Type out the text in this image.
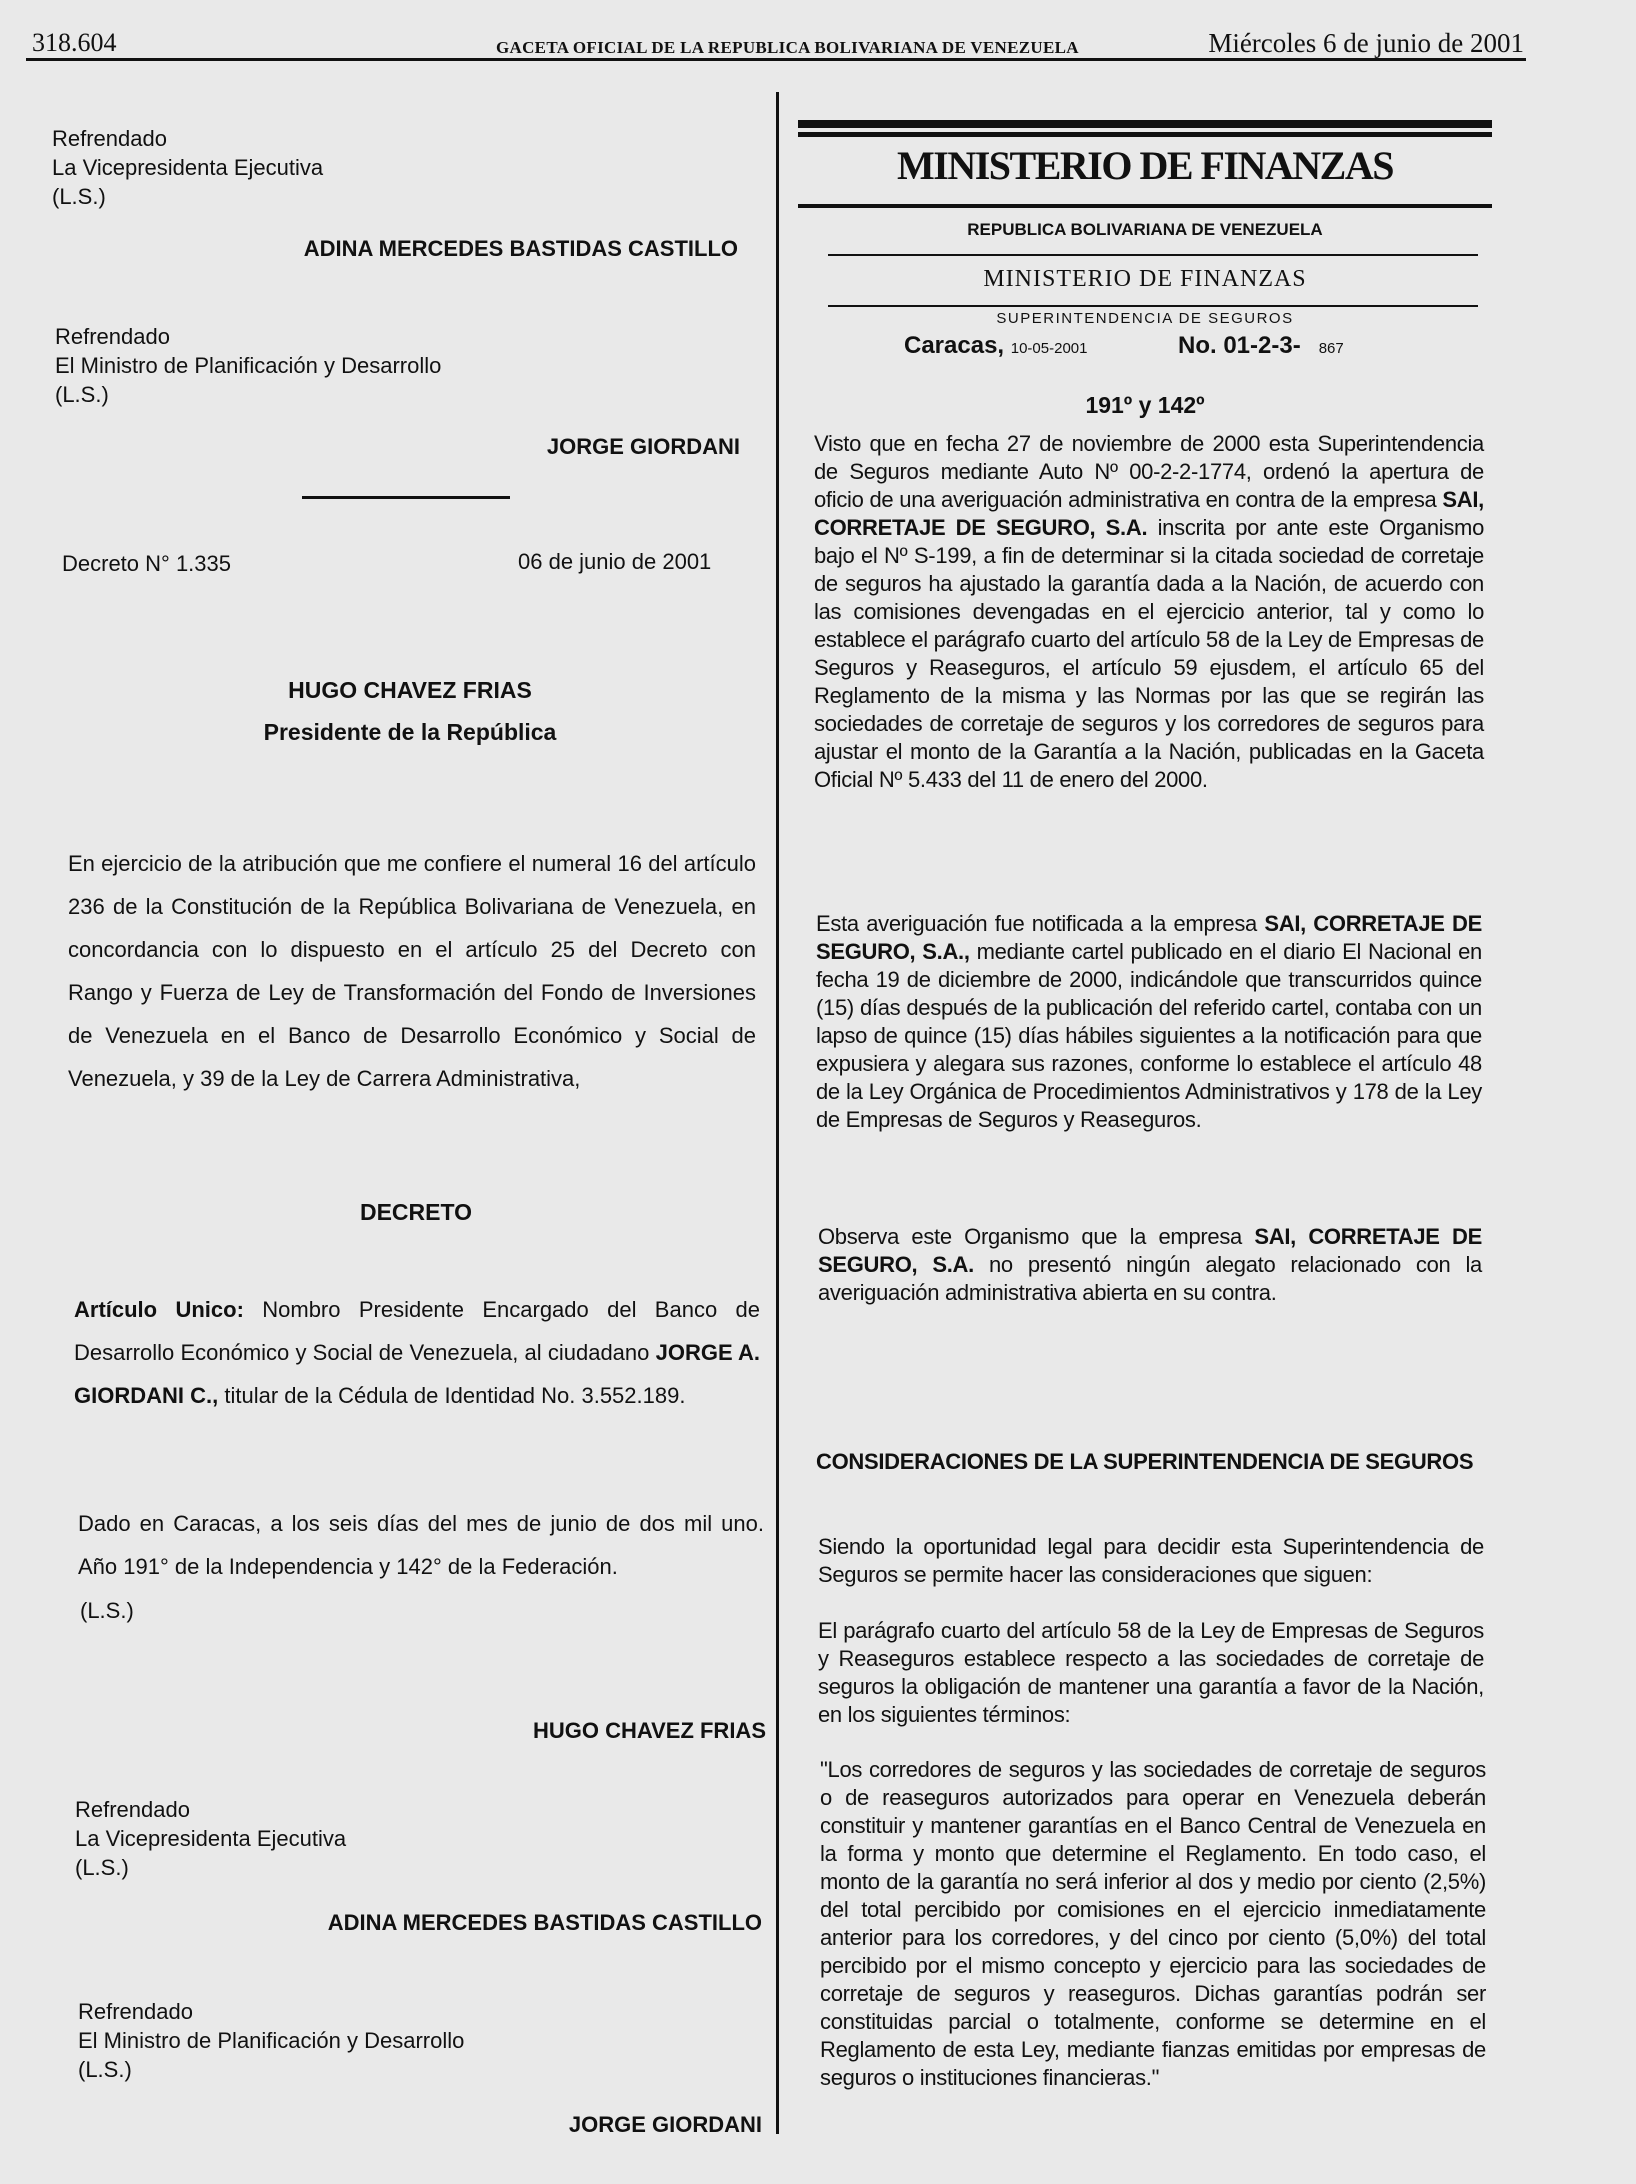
318.604	GACETA OFICIAL DE LA REPUBLICA BOLIVARIANA DE VENEZUELA	Miércoles 6 de junio de 2001

Refrendado

La Vicepresidenta Ejecutiva

(L.S.)

ADINA MERCEDES BASTIDAS CASTILLO

Refrendado

El Ministro de Planificación y Desarrollo

(L.S.)

JORGE GIORDANI
Decreto N° 1.335	06 de junio de 2001
HUGO CHAVEZ FRIAS
Presidente de la República
En ejercicio de la atribución que me confiere el numeral 16 del artículo 236 de la Constitución de la República Bolivariana de Venezuela, en concordancia con lo dispuesto en el artículo 25 del Decreto con Rango y Fuerza de Ley de Transformación del Fondo de Inversiones de Venezuela en el Banco de Desarrollo Económico y Social de Venezuela, y 39 de la Ley de Carrera Administrativa,
DECRETO
Artículo Unico: Nombro Presidente Encargado del Banco de Desarrollo Económico y Social de Venezuela, al ciudadano JORGE A. GIORDANI C., titular de la Cédula de Identidad No. 3.552.189.
Dado en Caracas, a los seis días del mes de junio de dos mil uno. Año 191° de la Independencia y 142° de la Federación.
(L.S.)
HUGO CHAVEZ FRIAS

Refrendado

La Vicepresidenta Ejecutiva

(L.S.)

ADINA MERCEDES BASTIDAS CASTILLO

Refrendado

El Ministro de Planificación y Desarrollo

(L.S.)

JORGE GIORDANI
MINISTERIO DE FINANZAS
REPUBLICA BOLIVARIANA DE VENEZUELA
MINISTERIO DE FINANZAS
SUPERINTENDENCIA DE SEGUROS
Caracas, 10-05-2001	No. 01-2-3- 867
191º y 142º
Visto que en fecha 27 de noviembre de 2000 esta Superintendencia de Seguros mediante Auto Nº 00-2-2-1774, ordenó la apertura de oficio de una averiguación administrativa en contra de la empresa SAI, CORRETAJE DE SEGURO, S.A. inscrita por ante este Organismo bajo el Nº S-199, a fin de determinar si la citada sociedad de corretaje de seguros ha ajustado la garantía dada a la Nación, de acuerdo con las comisiones devengadas en el ejercicio anterior, tal y como lo establece el parágrafo cuarto del artículo 58 de la Ley de Empresas de Seguros y Reaseguros, el artículo 59 ejusdem, el artículo 65 del Reglamento de la misma y las Normas por las que se regirán las sociedades de corretaje de seguros y los corredores de seguros para ajustar el monto de la Garantía a la Nación, publicadas en la Gaceta Oficial Nº 5.433 del 11 de enero del 2000.
Esta averiguación fue notificada a la empresa SAI, CORRETAJE DE SEGURO, S.A., mediante cartel publicado en el diario El Nacional en fecha 19 de diciembre de 2000, indicándole que transcurridos quince (15) días después de la publicación del referido cartel, contaba con un lapso de quince (15) días hábiles siguientes a la notificación para que expusiera y alegara sus razones, conforme lo establece el artículo 48 de la Ley Orgánica de Procedimientos Administrativos y 178 de la Ley de Empresas de Seguros y Reaseguros.
Observa este Organismo que la empresa SAI, CORRETAJE DE SEGURO, S.A. no presentó ningún alegato relacionado con la averiguación administrativa abierta en su contra.
CONSIDERACIONES DE LA SUPERINTENDENCIA DE SEGUROS
Siendo la oportunidad legal para decidir esta Superintendencia de Seguros se permite hacer las consideraciones que siguen:
El parágrafo cuarto del artículo 58 de la Ley de Empresas de Seguros y Reaseguros establece respecto a las sociedades de corretaje de seguros la obligación de mantener una garantía a favor de la Nación, en los siguientes términos:
"Los corredores de seguros y las sociedades de corretaje de seguros o de reaseguros autorizados para operar en Venezuela deberán constituir y mantener garantías en el Banco Central de Venezuela en la forma y monto que determine el Reglamento. En todo caso, el monto de la garantía no será inferior al dos y medio por ciento (2,5%) del total percibido por comisiones en el ejercicio inmediatamente anterior para los corredores, y del cinco por ciento (5,0%) del total percibido por el mismo concepto y ejercicio para las sociedades de corretaje de seguros y reaseguros. Dichas garantías podrán ser constituidas parcial o totalmente, conforme se determine en el Reglamento de esta Ley, mediante fianzas emitidas por empresas de seguros o instituciones financieras."
